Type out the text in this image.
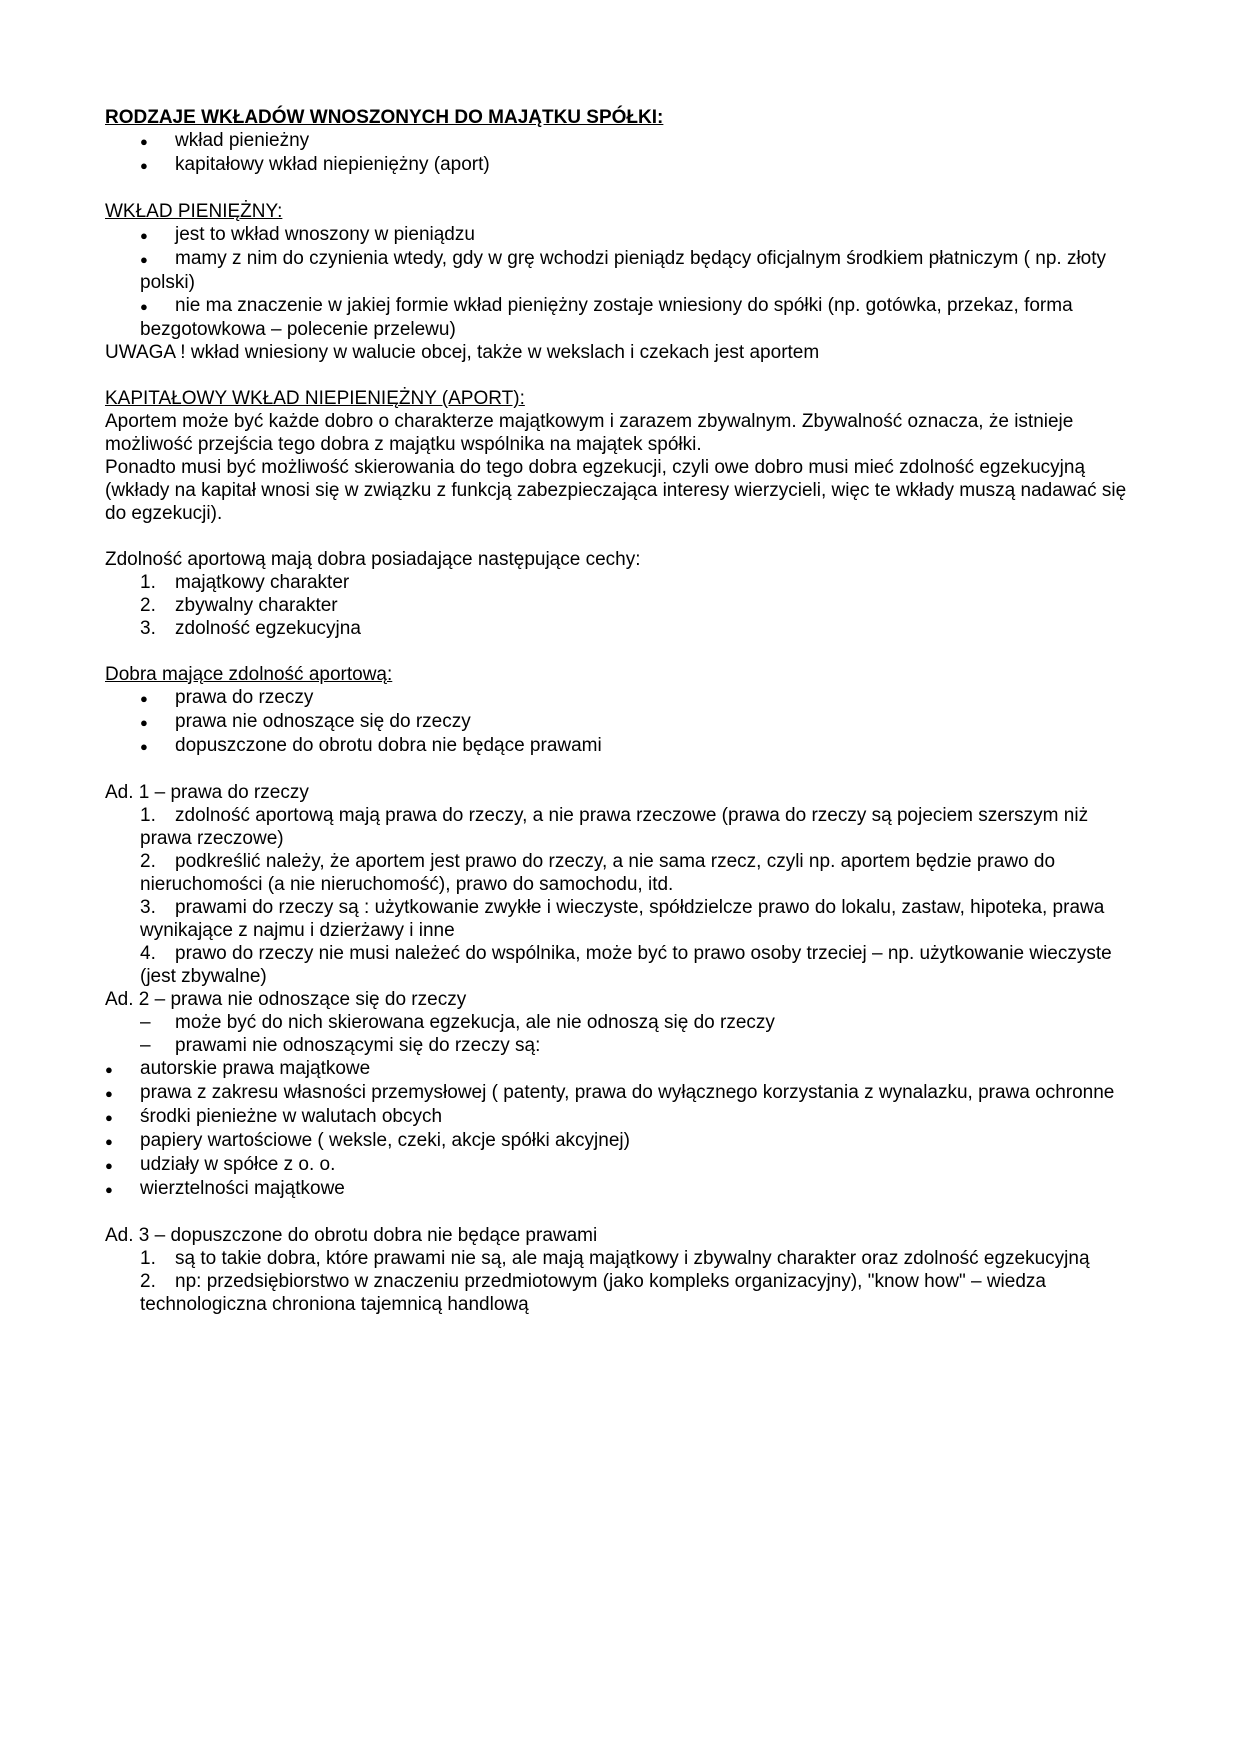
RODZAJE WKŁADÓW WNOSZONYCH DO MAJĄTKU SPÓŁKI:
● wkład pienieżny
● kapitałowy wkład niepieniężny (aport)
WKŁAD PIENIĘŻNY:
● jest to wkład wnoszony w pieniądzu
● mamy z nim do czynienia wtedy, gdy w grę wchodzi pieniądz będący oficjalnym środkiem płatniczym ( np. złoty polski)
● nie ma znaczenie w jakiej formie wkład pieniężny zostaje wniesiony do spółki (np. gotówka, przekaz, forma bezgotowkowa – polecenie przelewu)
UWAGA ! wkład wniesiony w walucie obcej, także w wekslach i czekach jest aportem
KAPITAŁOWY WKŁAD NIEPIENIĘŻNY (APORT):
Aportem może być każde dobro o charakterze majątkowym i zarazem zbywalnym. Zbywalność oznacza, że istnieje możliwość przejścia tego dobra z majątku wspólnika na majątek spółki.
Ponadto musi być możliwość skierowania do tego dobra egzekucji, czyli owe dobro musi mieć zdolność egzekucyjną (wkłady na kapitał wnosi się w związku z funkcją zabezpieczająca interesy wierzycieli, więc te wkłady muszą nadawać się do egzekucji).
Zdolność aportową mają dobra posiadające następujące cechy:
1. majątkowy charakter
2. zbywalny charakter
3. zdolność egzekucyjna
Dobra mające zdolność aportową:
● prawa do rzeczy
● prawa nie odnoszące się do rzeczy
● dopuszczone do obrotu dobra nie będące prawami
Ad. 1 – prawa do rzeczy
1. zdolność aportową mają prawa do rzeczy, a nie prawa rzeczowe (prawa do rzeczy są pojeciem szerszym niż prawa rzeczowe)
2. podkreślić należy, że aportem jest prawo do rzeczy, a nie sama rzecz, czyli np. aportem będzie prawo do nieruchomości (a nie nieruchomość), prawo do samochodu, itd.
3. prawami do rzeczy są : użytkowanie zwykłe i wieczyste, spółdzielcze prawo do lokalu, zastaw, hipoteka, prawa wynikające z najmu i dzierżawy i inne
4. prawo do rzeczy nie musi należeć do wspólnika, może być to prawo osoby trzeciej – np. użytkowanie wieczyste (jest zbywalne)
Ad. 2 – prawa nie odnoszące się do rzeczy
– może być do nich skierowana egzekucja, ale nie odnoszą się do rzeczy
– prawami nie odnoszącymi się do rzeczy są:
● autorskie prawa majątkowe
● prawa z zakresu własności przemysłowej ( patenty, prawa do wyłącznego korzystania z wynalazku, prawa ochronne
● środki pienieżne w walutach obcych
● papiery wartościowe ( weksle, czeki, akcje spółki akcyjnej)
● udziały w spółce z o. o.
● wierztelności majątkowe
Ad. 3 – dopuszczone do obrotu dobra nie będące prawami
1. są to takie dobra, które prawami nie są, ale mają majątkowy i zbywalny charakter oraz zdolność egzekucyjną
2. np: przedsiębiorstwo w znaczeniu przedmiotowym (jako kompleks organizacyjny), "know how" – wiedza technologiczna chroniona tajemnicą handlową
